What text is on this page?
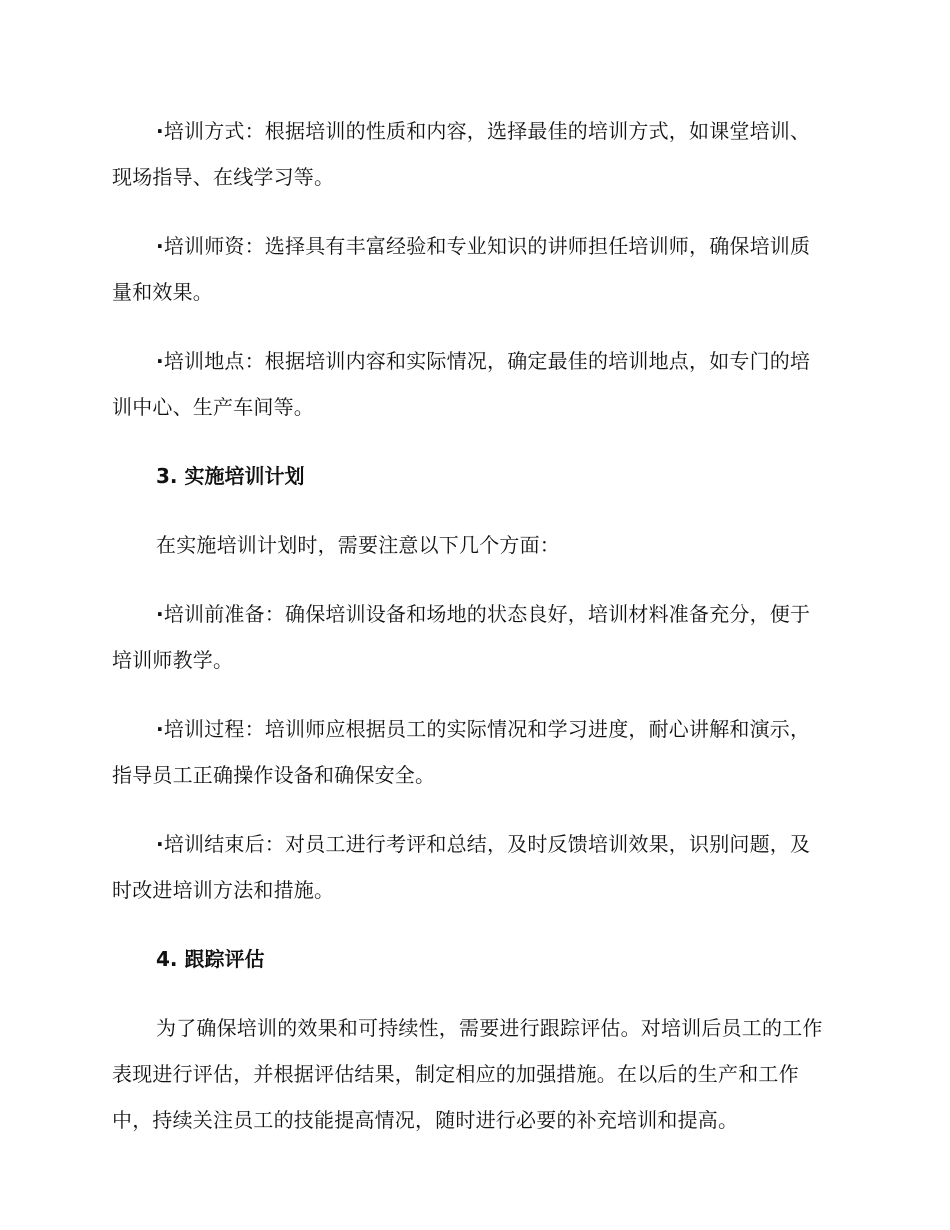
·培训方式：根据培训的性质和内容，选择最佳的培训方式，如课堂培训、现场指导、在线学习等。

·培训师资：选择具有丰富经验和专业知识的讲师担任培训师，确保培训质量和效果。

·培训地点：根据培训内容和实际情况，确定最佳的培训地点，如专门的培训中心、生产车间等。

3. 实施培训计划

在实施培训计划时，需要注意以下几个方面：

·培训前准备：确保培训设备和场地的状态良好，培训材料准备充分，便于培训师教学。

·培训过程：培训师应根据员工的实际情况和学习进度，耐心讲解和演示，指导员工正确操作设备和确保安全。

·培训结束后：对员工进行考评和总结，及时反馈培训效果，识别问题，及时改进培训方法和措施。

4. 跟踪评估

为了确保培训的效果和可持续性，需要进行跟踪评估。对培训后员工的工作表现进行评估，并根据评估结果，制定相应的加强措施。在以后的生产和工作中，持续关注员工的技能提高情况，随时进行必要的补充培训和提高。
